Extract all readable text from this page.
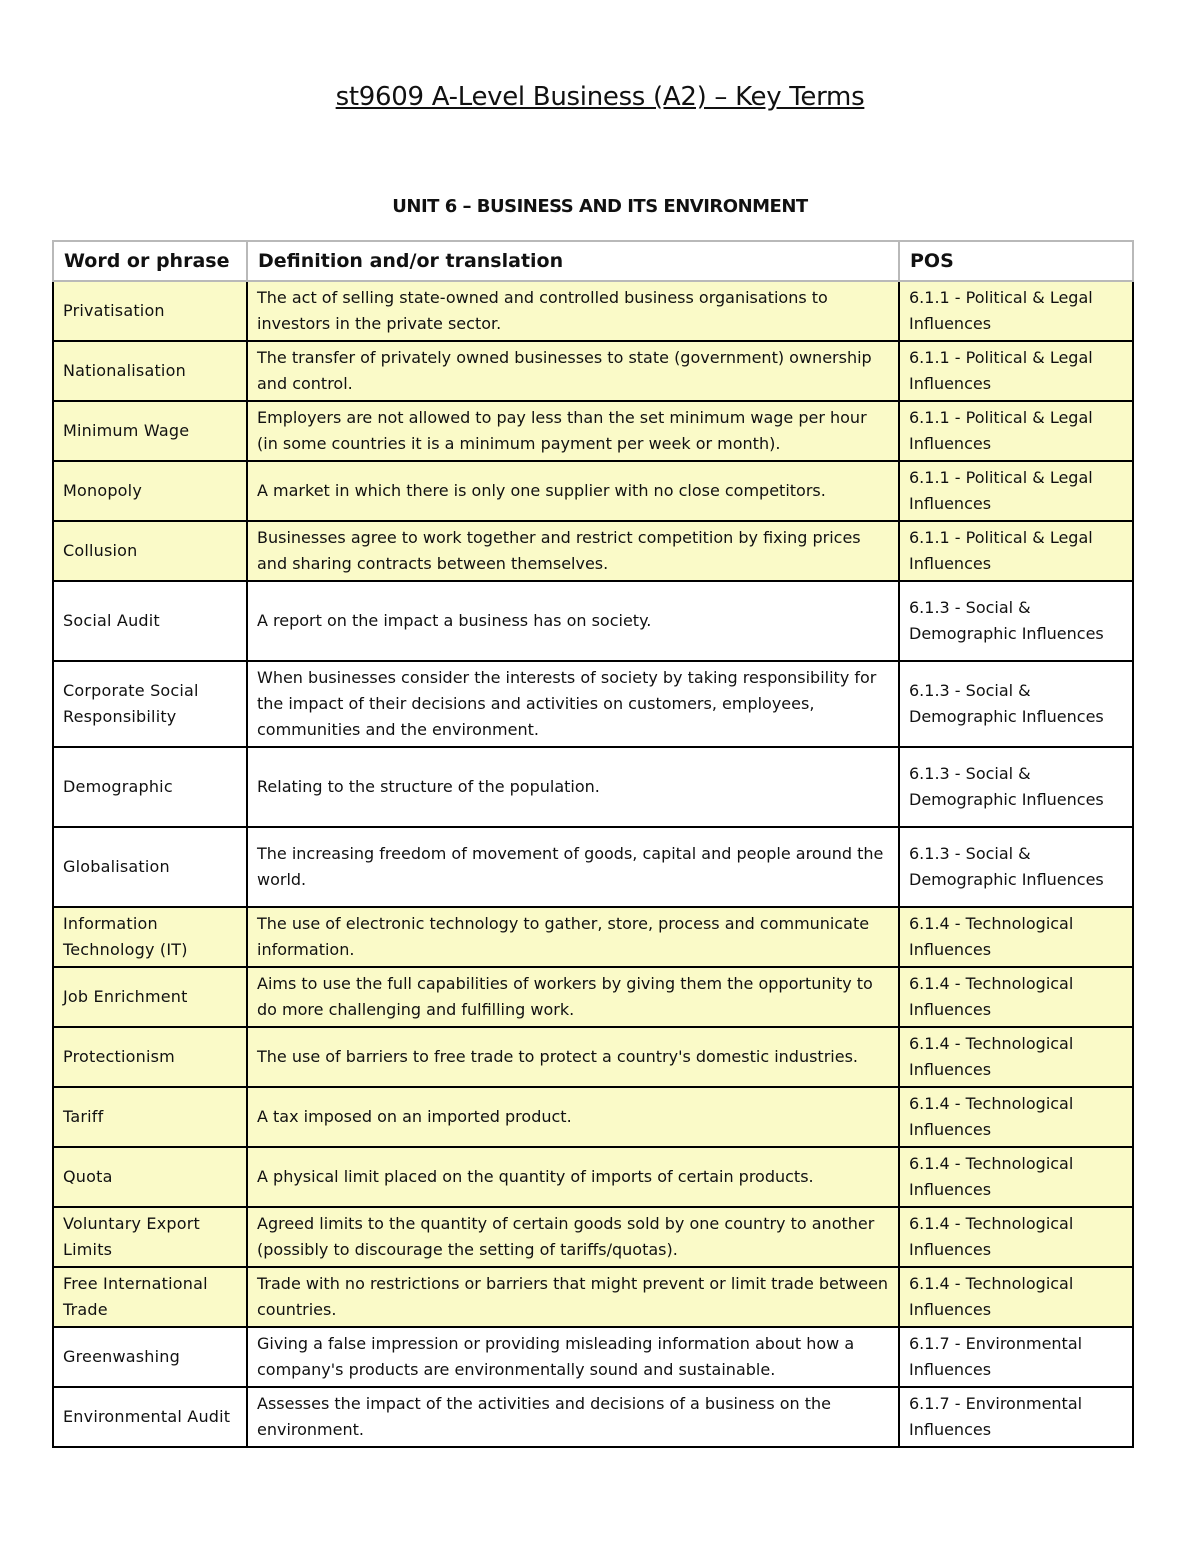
st9609 A-Level Business (A2) – Key Terms
UNIT 6 – BUSINESS AND ITS ENVIRONMENT
Word or phrase	Definition and/or translation	POS
Privatisation	The act of selling state-owned and controlled business organisations to investors in the private sector.	6.1.1 - Political & Legal Influences
Nationalisation	The transfer of privately owned businesses to state (government) ownership and control.	6.1.1 - Political & Legal Influences
Minimum Wage	Employers are not allowed to pay less than the set minimum wage per hour (in some countries it is a minimum payment per week or month).	6.1.1 - Political & Legal Influences
Monopoly	A market in which there is only one supplier with no close competitors.	6.1.1 - Political & Legal Influences
Collusion	Businesses agree to work together and restrict competition by fixing prices and sharing contracts between themselves.	6.1.1 - Political & Legal Influences
Social Audit	A report on the impact a business has on society.	6.1.3 - Social & Demographic Influences
Corporate Social Responsibility	When businesses consider the interests of society by taking responsibility for the impact of their decisions and activities on customers, employees, communities and the environment.	6.1.3 - Social & Demographic Influences
Demographic	Relating to the structure of the population.	6.1.3 - Social & Demographic Influences
Globalisation	The increasing freedom of movement of goods, capital and people around the world.	6.1.3 - Social & Demographic Influences
Information Technology (IT)	The use of electronic technology to gather, store, process and communicate information.	6.1.4 - Technological Influences
Job Enrichment	Aims to use the full capabilities of workers by giving them the opportunity to do more challenging and fulfilling work.	6.1.4 - Technological Influences
Protectionism	The use of barriers to free trade to protect a country's domestic industries.	6.1.4 - Technological Influences
Tariff	A tax imposed on an imported product.	6.1.4 - Technological Influences
Quota	A physical limit placed on the quantity of imports of certain products.	6.1.4 - Technological Influences
Voluntary Export Limits	Agreed limits to the quantity of certain goods sold by one country to another (possibly to discourage the setting of tariffs/quotas).	6.1.4 - Technological Influences
Free International Trade	Trade with no restrictions or barriers that might prevent or limit trade between countries.	6.1.4 - Technological Influences
Greenwashing	Giving a false impression or providing misleading information about how a company's products are environmentally sound and sustainable.	6.1.7 - Environmental Influences
Environmental Audit	Assesses the impact of the activities and decisions of a business on the environment.	6.1.7 - Environmental Influences
